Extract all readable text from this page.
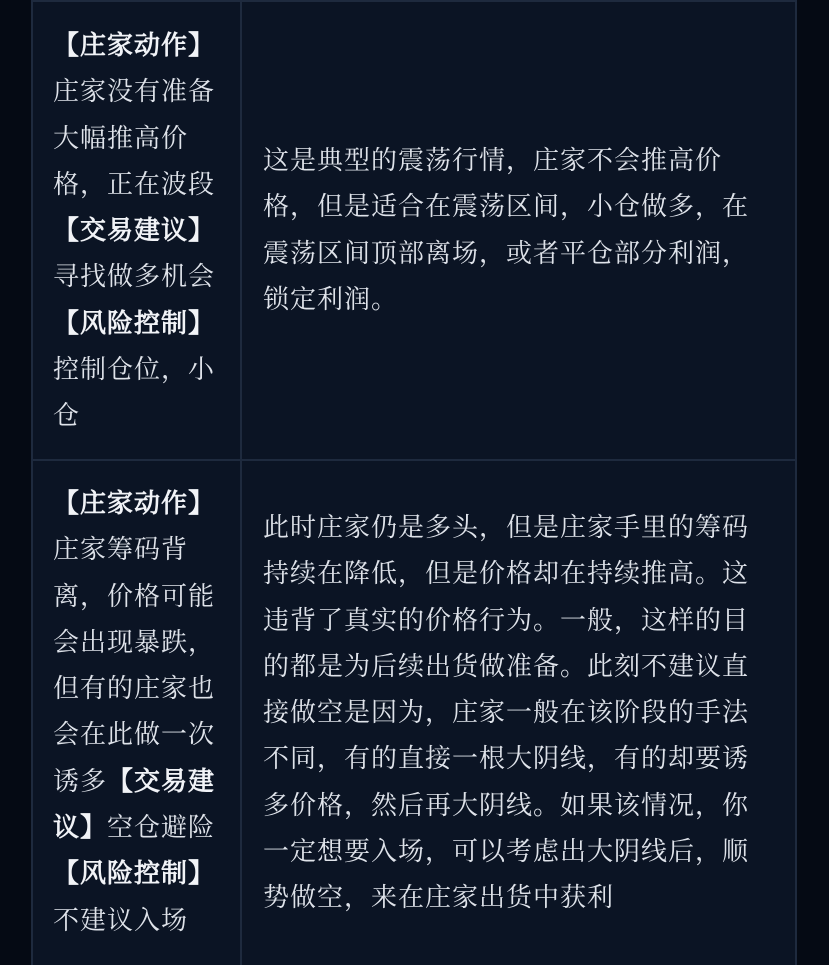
【庄家动作】庄家没有准备大幅推高价格，正在波段【交易建议】寻找做多机会【风险控制】控制仓位，小仓
这是典型的震荡行情，庄家不会推高价格，但是适合在震荡区间，小仓做多，在震荡区间顶部离场，或者平仓部分利润，锁定利润。
【庄家动作】庄家筹码背离，价格可能会出现暴跌，但有的庄家也会在此做一次诱多【交易建议】空仓避险【风险控制】不建议入场
此时庄家仍是多头，但是庄家手里的筹码持续在降低，但是价格却在持续推高。这违背了真实的价格行为。一般，这样的目的都是为后续出货做准备。此刻不建议直接做空是因为，庄家一般在该阶段的手法不同，有的直接一根大阴线，有的却要诱多价格，然后再大阴线。如果该情况，你一定想要入场，可以考虑出大阴线后，顺势做空，来在庄家出货中获利
